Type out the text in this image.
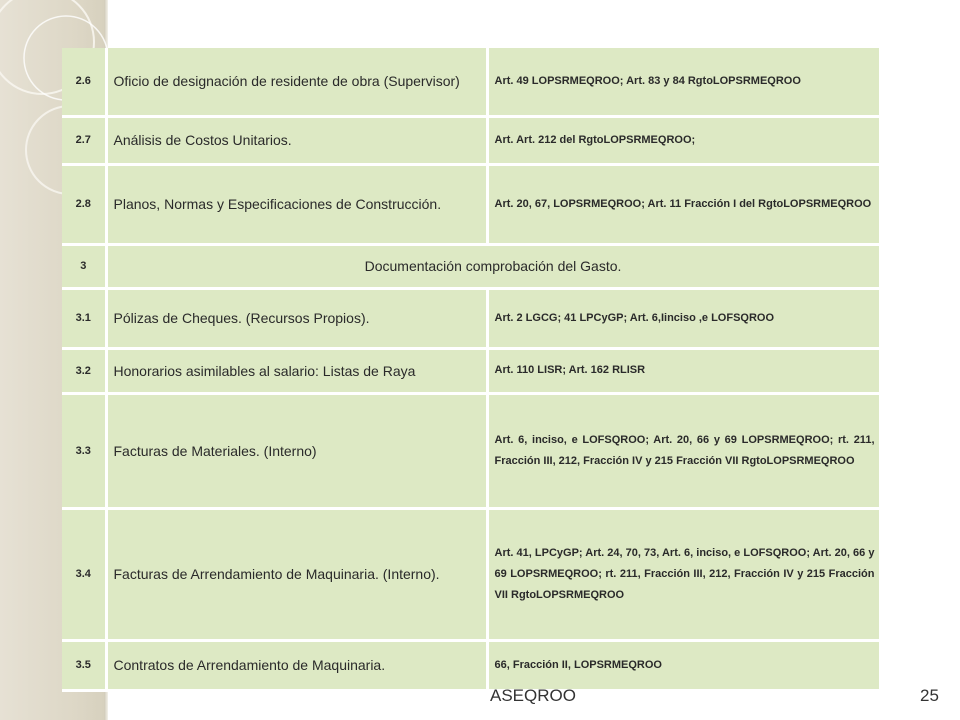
2.6	Oficio de designación de residente de obra (Supervisor)	Art. 49 LOPSRMEQROO; Art. 83 y 84 RgtoLOPSRMEQROO
2.7	Análisis de Costos Unitarios.	Art. Art. 212 del RgtoLOPSRMEQROO;
2.8	Planos, Normas y Especificaciones de Construcción.	Art. 20, 67, LOPSRMEQROO; Art. 11 Fracción I del RgtoLOPSRMEQROO
3	Documentación comprobación del Gasto.	
3.1	Pólizas de Cheques. (Recursos Propios).	Art. 2 LGCG; 41 LPCyGP; Art. 6,Iinciso ,e LOFSQROO
3.2	Honorarios asimilables al salario: Listas de Raya	Art. 110 LISR; Art. 162 RLISR
3.3	Facturas de Materiales. (Interno)	Art. 6, inciso, e LOFSQROO; Art. 20, 66 y 69 LOPSRMEQROO; rt. 211, Fracción III, 212, Fracción IV y 215 Fracción VII RgtoLOPSRMEQROO
3.4	Facturas de Arrendamiento de Maquinaria. (Interno).	Art. 41, LPCyGP; Art. 24, 70, 73, Art. 6, inciso, e LOFSQROO; Art. 20, 66 y 69 LOPSRMEQROO; rt. 211, Fracción III, 212, Fracción IV y 215 Fracción VII RgtoLOPSRMEQROO
3.5	Contratos de Arrendamiento de Maquinaria.	66, Fracción II, LOPSRMEQROO
ASEQROO	25
